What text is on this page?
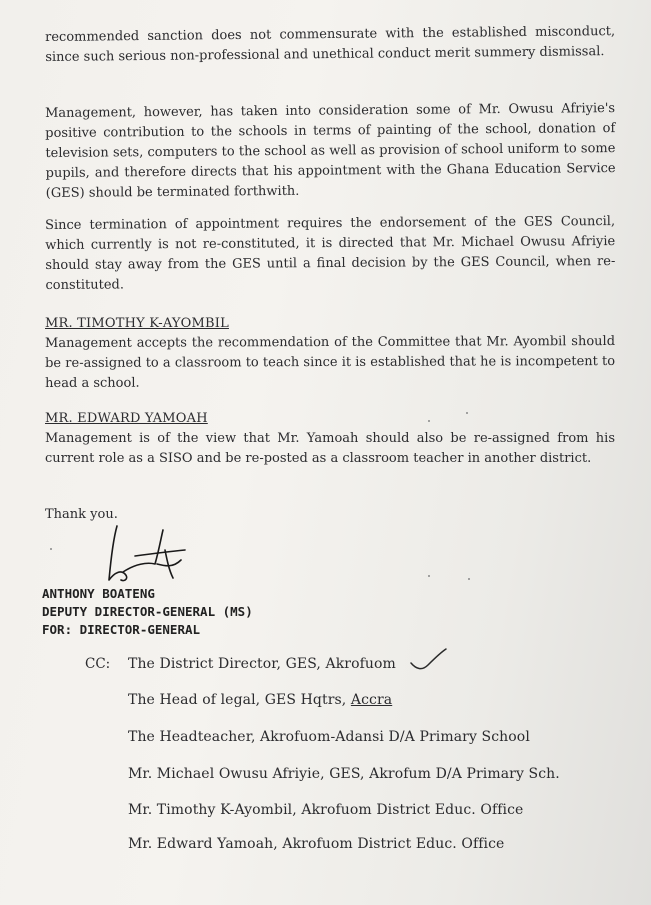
recommended sanction does not commensurate with the established misconduct, since such serious non-professional and unethical conduct merit summery dismissal.

Management, however, has taken into consideration some of Mr. Owusu Afriyie's positive contribution to the schools in terms of painting of the school, donation of television sets, computers to the school as well as provision of school uniform to some pupils, and therefore directs that his appointment with the Ghana Education Service (GES) should be terminated forthwith.

Since termination of appointment requires the endorsement of the GES Council, which currently is not re-constituted, it is directed that Mr. Michael Owusu Afriyie should stay away from the GES until a final decision by the GES Council, when re-constituted.

MR. TIMOTHY K-AYOMBIL

Management accepts the recommendation of the Committee that Mr. Ayombil should be re-assigned to a classroom to teach since it is established that he is incompetent to head a school.

MR. EDWARD YAMOAH

Management is of the view that Mr. Yamoah should also be re-assigned from his current role as a SISO and be re-posted as a classroom teacher in another district.

Thank you.
ANTHONY BOATENG
DEPUTY DIRECTOR-GENERAL (MS)
FOR: DIRECTOR-GENERAL
CC: The District Director, GES, Akrofuom
The Head of legal, GES Hqtrs, Accra
The Headteacher, Akrofuom-Adansi D/A Primary School
Mr. Michael Owusu Afriyie, GES, Akrofum D/A Primary Sch.
Mr. Timothy K-Ayombil, Akrofuom District Educ. Office
Mr. Edward Yamoah, Akrofuom District Educ. Office
